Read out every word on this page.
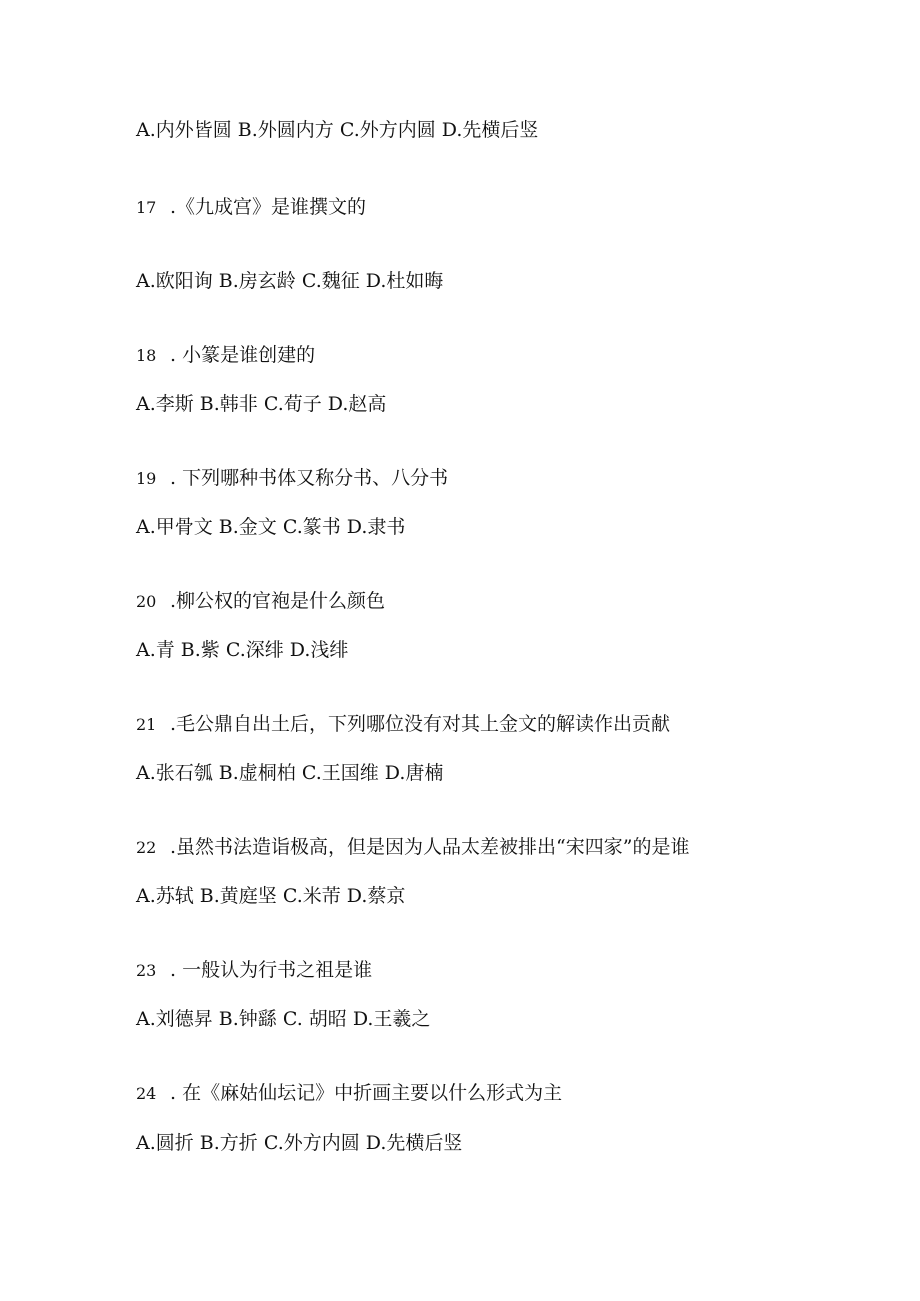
A.内外皆圆 B.外圆内方 C.外方内圆 D.先横后竖
17 .《九成宫》是谁撰文的
A.欧阳询 B.房玄龄 C.魏征 D.杜如晦
18 . 小篆是谁创建的
A.李斯 B.韩非 C.荀子 D.赵高
19 . 下列哪种书体又称分书、八分书
A.甲骨文 B.金文 C.篆书 D.隶书
20 .柳公权的官袍是什么颜色
A.青 B.紫 C.深绯 D.浅绯
21 .毛公鼎自出土后，下列哪位没有对其上金文的解读作出贡献
A.张石瓠 B.虚桐柏 C.王国维 D.唐楠
22 .虽然书法造诣极高，但是因为人品太差被排出“宋四家”的是谁
A.苏轼 B.黄庭坚 C.米芾 D.蔡京
23 . 一般认为行书之祖是谁
A.刘德昇 B.钟繇 C. 胡昭 D.王羲之
24 . 在《麻姑仙坛记》中折画主要以什么形式为主
A.圆折 B.方折 C.外方内圆 D.先横后竖
